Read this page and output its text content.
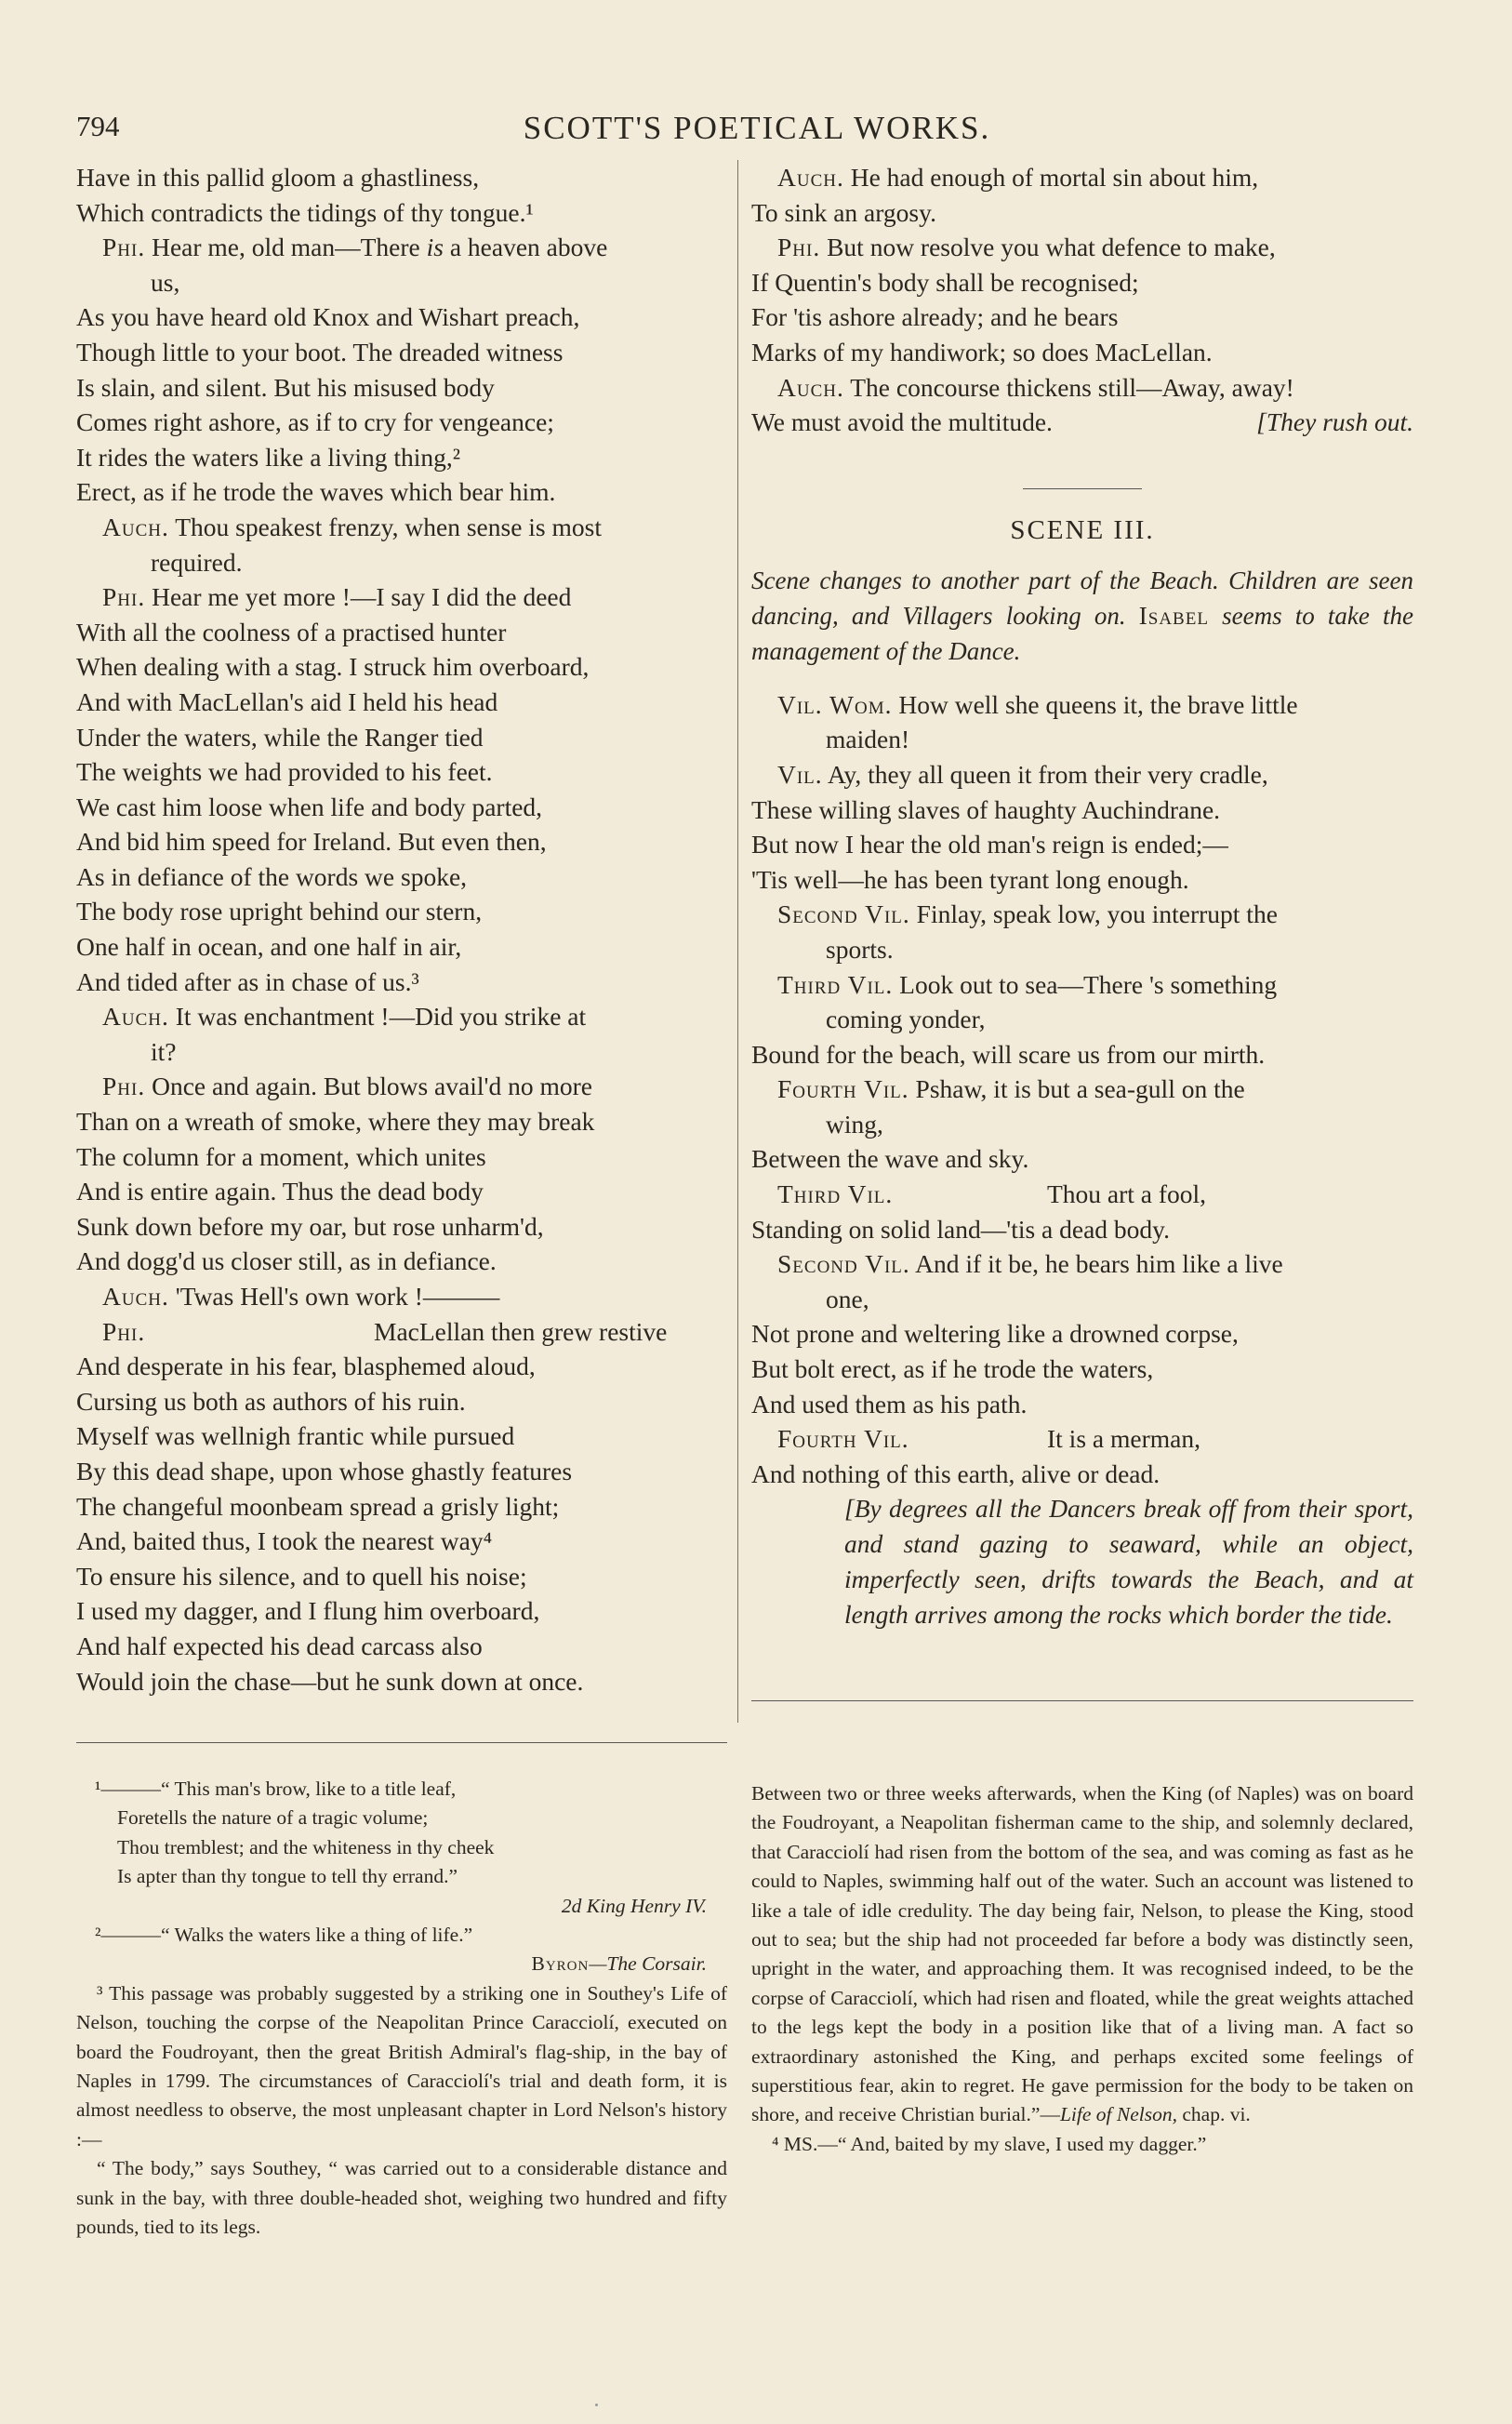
794	SCOTT'S POETICAL WORKS.
Have in this pallid gloom a ghastliness,
Which contradicts the tidings of thy tongue.¹
Phi. Hear me, old man—There is a heaven above
us,
As you have heard old Knox and Wishart preach,
Though little to your boot. The dreaded witness
Is slain, and silent. But his misused body
Comes right ashore, as if to cry for vengeance;
It rides the waters like a living thing,²
Erect, as if he trode the waves which bear him.
Auch. Thou speakest frenzy, when sense is most
required.
Phi. Hear me yet more !—I say I did the deed
With all the coolness of a practised hunter
When dealing with a stag. I struck him overboard,
And with MacLellan's aid I held his head
Under the waters, while the Ranger tied
The weights we had provided to his feet.
We cast him loose when life and body parted,
And bid him speed for Ireland. But even then,
As in defiance of the words we spoke,
The body rose upright behind our stern,
One half in ocean, and one half in air,
And tided after as in chase of us.³
Auch. It was enchantment !—Did you strike at
it?
Phi. Once and again. But blows avail'd no more
Than on a wreath of smoke, where they may break
The column for a moment, which unites
And is entire again. Thus the dead body
Sunk down before my oar, but rose unharm'd,
And dogg'd us closer still, as in defiance.
Auch. 'Twas Hell's own work !———
Phi.	MacLellan then grew restive
And desperate in his fear, blasphemed aloud,
Cursing us both as authors of his ruin.
Myself was wellnigh frantic while pursued
By this dead shape, upon whose ghastly features
The changeful moonbeam spread a grisly light;
And, baited thus, I took the nearest way⁴
To ensure his silence, and to quell his noise;
I used my dagger, and I flung him overboard,
And half expected his dead carcass also
Would join the chase—but he sunk down at once.
Auch. He had enough of mortal sin about him,
To sink an argosy.
Phi. But now resolve you what defence to make,
If Quentin's body shall be recognised;
For 'tis ashore already; and he bears
Marks of my handiwork; so does MacLellan.
Auch. The concourse thickens still—Away, away!
We must avoid the multitude.	[They rush out.
SCENE III.
Scene changes to another part of the Beach. Children are seen dancing, and Villagers looking on. Isabel seems to take the management of the Dance.
Vil. Wom. How well she queens it, the brave little
maiden!
Vil. Ay, they all queen it from their very cradle,
These willing slaves of haughty Auchindrane.
But now I hear the old man's reign is ended;—
'Tis well—he has been tyrant long enough.
Second Vil. Finlay, speak low, you interrupt the
sports.
Third Vil. Look out to sea—There 's something
coming yonder,
Bound for the beach, will scare us from our mirth.
Fourth Vil. Pshaw, it is but a sea-gull on the
wing,
Between the wave and sky.
Third Vil.	Thou art a fool,
Standing on solid land—'tis a dead body.
Second Vil. And if it be, he bears him like a live
one,
Not prone and weltering like a drowned corpse,
But bolt erect, as if he trode the waters,
And used them as his path.
Fourth Vil.	It is a merman,
And nothing of this earth, alive or dead.
[By degrees all the Dancers break off from their sport, and stand gazing to seaward, while an object, imperfectly seen, drifts towards the Beach, and at length arrives among the rocks which border the tide.

¹———“ This man's brow, like to a title leaf,

Foretells the nature of a tragic volume;

Thou tremblest; and the whiteness in thy cheek

Is apter than thy tongue to tell thy errand.”

2d King Henry IV.

²———“ Walks the waters like a thing of life.”

Byron—The Corsair.

³ This passage was probably suggested by a striking one in Southey's Life of Nelson, touching the corpse of the Neapolitan Prince Caracciolí, executed on board the Foudroyant, then the great British Admiral's flag-ship, in the bay of Naples in 1799. The circumstances of Caracciolí's trial and death form, it is almost needless to observe, the most unpleasant chapter in Lord Nelson's history :—

“ The body,” says Southey, “ was carried out to a considerable distance and sunk in the bay, with three double-headed shot, weighing two hundred and fifty pounds, tied to its legs.

Between two or three weeks afterwards, when the King (of Naples) was on board the Foudroyant, a Neapolitan fisherman came to the ship, and solemnly declared, that Caracciolí had risen from the bottom of the sea, and was coming as fast as he could to Naples, swimming half out of the water. Such an account was listened to like a tale of idle credulity. The day being fair, Nelson, to please the King, stood out to sea; but the ship had not proceeded far before a body was distinctly seen, upright in the water, and approaching them. It was recognised indeed, to be the corpse of Caracciolí, which had risen and floated, while the great weights attached to the legs kept the body in a position like that of a living man. A fact so extraordinary astonished the King, and perhaps excited some feelings of superstitious fear, akin to regret. He gave permission for the body to be taken on shore, and receive Christian burial.”—Life of Nelson, chap. vi.

⁴ MS.—“ And, baited by my slave, I used my dagger.”
